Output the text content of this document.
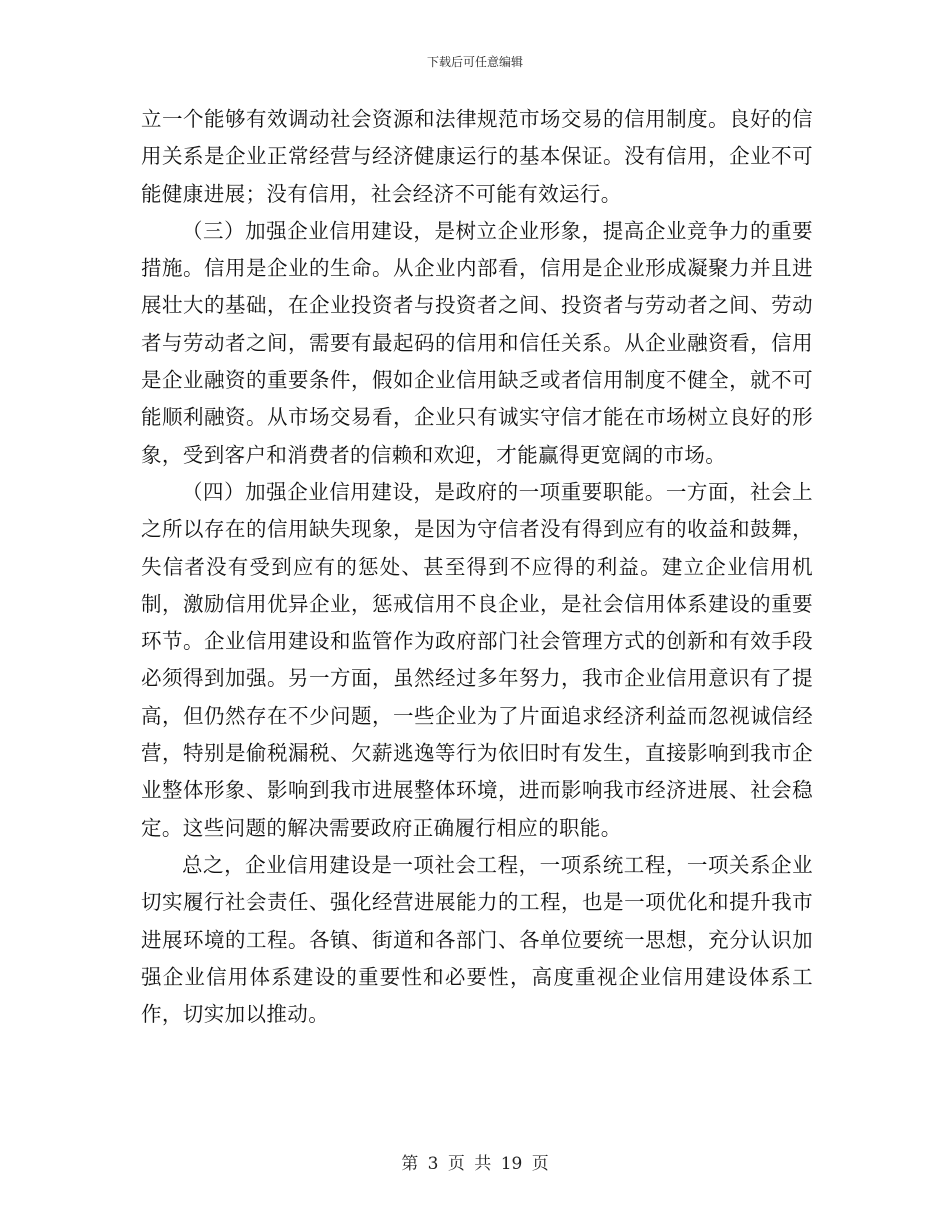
下载后可任意编辑

立一个能够有效调动社会资源和法律规范市场交易的信用制度。良好的信用关系是企业正常经营与经济健康运行的基本保证。没有信用，企业不可能健康进展；没有信用，社会经济不可能有效运行。

（三）加强企业信用建设，是树立企业形象，提高企业竞争力的重要措施。信用是企业的生命。从企业内部看，信用是企业形成凝聚力并且进展壮大的基础，在企业投资者与投资者之间、投资者与劳动者之间、劳动者与劳动者之间，需要有最起码的信用和信任关系。从企业融资看，信用是企业融资的重要条件，假如企业信用缺乏或者信用制度不健全，就不可能顺利融资。从市场交易看，企业只有诚实守信才能在市场树立良好的形象，受到客户和消费者的信赖和欢迎，才能赢得更宽阔的市场。

（四）加强企业信用建设，是政府的一项重要职能。一方面，社会上之所以存在的信用缺失现象，是因为守信者没有得到应有的收益和鼓舞，失信者没有受到应有的惩处、甚至得到不应得的利益。建立企业信用机制，激励信用优异企业，惩戒信用不良企业，是社会信用体系建设的重要环节。企业信用建设和监管作为政府部门社会管理方式的创新和有效手段必须得到加强。另一方面，虽然经过多年努力，我市企业信用意识有了提高，但仍然存在不少问题，一些企业为了片面追求经济利益而忽视诚信经营，特别是偷税漏税、欠薪逃逸等行为依旧时有发生，直接影响到我市企业整体形象、影响到我市进展整体环境，进而影响我市经济进展、社会稳定。这些问题的解决需要政府正确履行相应的职能。

总之，企业信用建设是一项社会工程，一项系统工程，一项关系企业切实履行社会责任、强化经营进展能力的工程，也是一项优化和提升我市进展环境的工程。各镇、街道和各部门、各单位要统一思想，充分认识加强企业信用体系建设的重要性和必要性，高度重视企业信用建设体系工作，切实加以推动。

第 3 页 共 19 页
